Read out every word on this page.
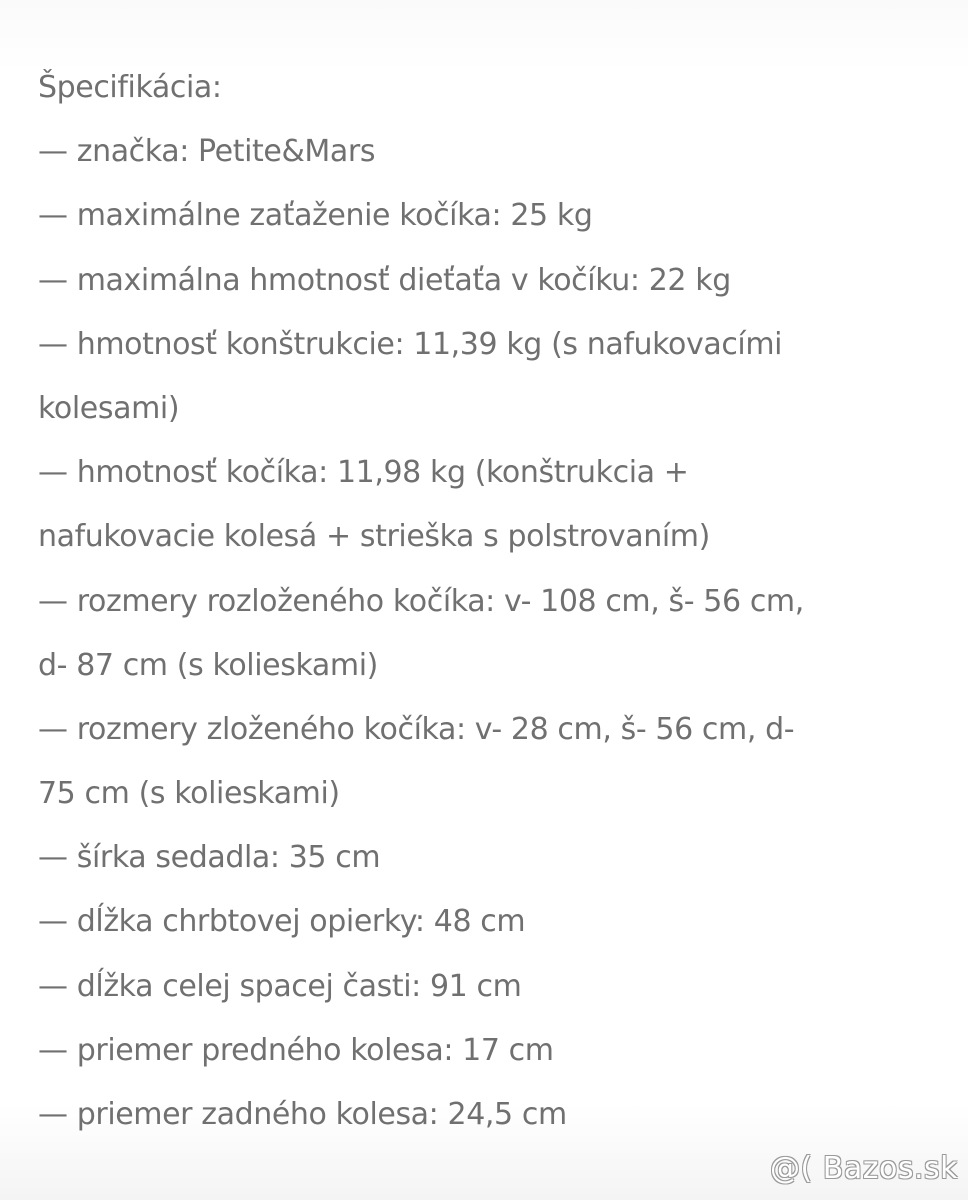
Špecifikácia:
— značka: Petite&Mars
— maximálne zaťaženie kočíka: 25 kg
— maximálna hmotnosť dieťaťa v kočíku: 22 kg
— hmotnosť konštrukcie: 11,39 kg (s nafukovacími
kolesami)
— hmotnosť kočíka: 11,98 kg (konštrukcia +
nafukovacie kolesá + strieška s polstrovaním)
— rozmery rozloženého kočíka: v- 108 cm, š- 56 cm,
d- 87 cm (s kolieskami)
— rozmery zloženého kočíka: v- 28 cm, š- 56 cm, d-
75 cm (s kolieskami)
— šírka sedadla: 35 cm
— dĺžka chrbtovej opierky: 48 cm
— dĺžka celej spacej časti: 91 cm
— priemer predného kolesa: 17 cm
— priemer zadného kolesa: 24,5 cm
@( Bazos.sk
